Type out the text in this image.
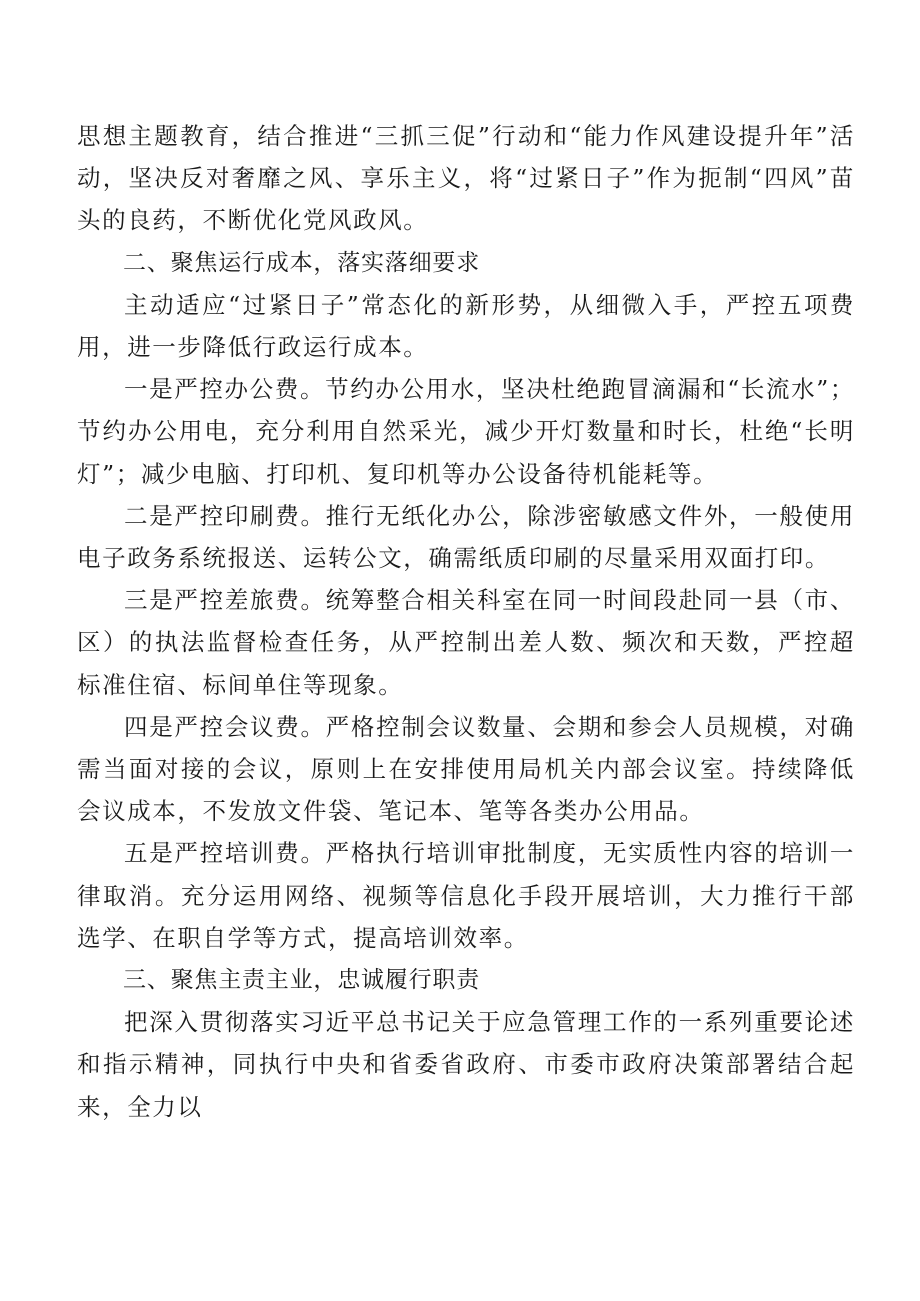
思想主题教育，结合推进“三抓三促”行动和“能力作风建设提升年”活动，坚决反对奢靡之风、享乐主义，将“过紧日子”作为扼制“四风”苗头的良药，不断优化党风政风。

二、聚焦运行成本，落实落细要求

主动适应“过紧日子”常态化的新形势，从细微入手，严控五项费用，进一步降低行政运行成本。

一是严控办公费。节约办公用水，坚决杜绝跑冒滴漏和“长流水”；节约办公用电，充分利用自然采光，减少开灯数量和时长，杜绝“长明灯”；减少电脑、打印机、复印机等办公设备待机能耗等。

二是严控印刷费。推行无纸化办公，除涉密敏感文件外，一般使用电子政务系统报送、运转公文，确需纸质印刷的尽量采用双面打印。

三是严控差旅费。统筹整合相关科室在同一时间段赴同一县（市、区）的执法监督检查任务，从严控制出差人数、频次和天数，严控超标准住宿、标间单住等现象。

四是严控会议费。严格控制会议数量、会期和参会人员规模，对确需当面对接的会议，原则上在安排使用局机关内部会议室。持续降低会议成本，不发放文件袋、笔记本、笔等各类办公用品。

五是严控培训费。严格执行培训审批制度，无实质性内容的培训一律取消。充分运用网络、视频等信息化手段开展培训，大力推行干部选学、在职自学等方式，提高培训效率。

三、聚焦主责主业，忠诚履行职责

把深入贯彻落实习近平总书记关于应急管理工作的一系列重要论述和指示精神，同执行中央和省委省政府、市委市政府决策部署结合起来，全力以
